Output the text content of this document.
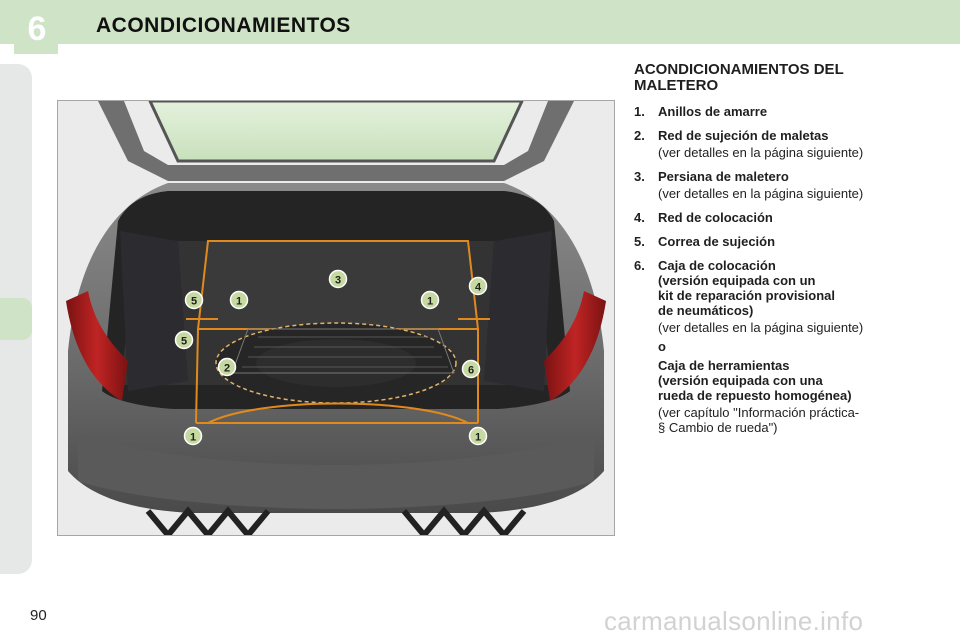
6 ACONDICIONAMIENTOS
1	1
1	1
2
3
4
5
5
6
ACONDICIONAMIENTOS DEL
MALETERO
1.	Anillos de amarre
2.	Red de sujeción de maletas
(ver detalles en la página siguiente)
3.	Persiana de maletero
(ver detalles en la página siguiente)
4.	Red de colocación
5.	Correa de sujeción
6.	Caja de colocación
(versión equipada con un
kit de reparación provisional
de neumáticos)
(ver detalles en la página siguiente)
o
Caja de herramientas
(versión equipada con una
rueda de repuesto homogénea)
(ver capítulo "Información práctica-
§ Cambio de rueda")
90	carmanualsonline.info
